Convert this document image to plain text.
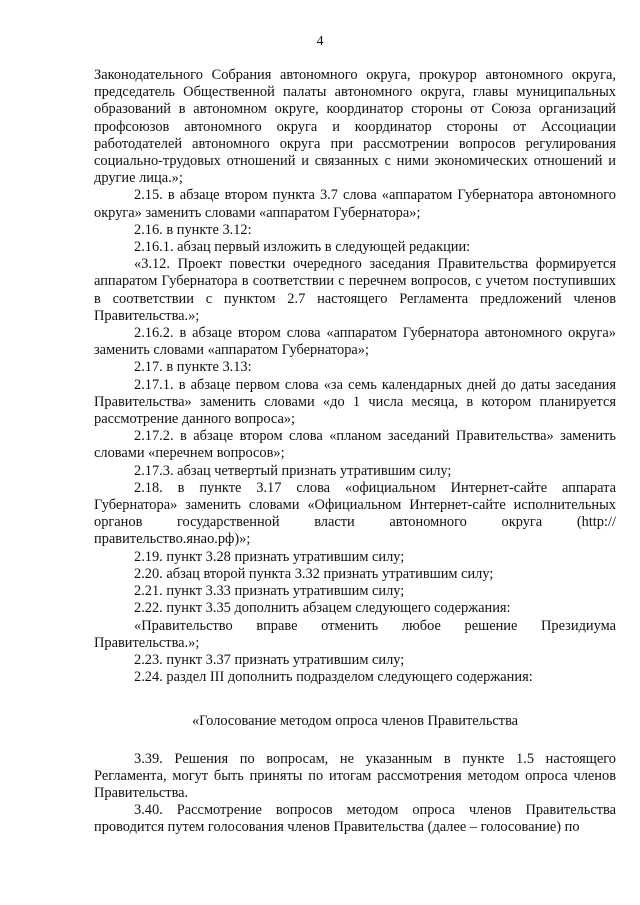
4

Законодательного Собрания автономного округа, прокурор автономного округа, председатель Общественной палаты автономного округа, главы муниципальных образований в автономном округе, координатор стороны от Союза организаций профсоюзов автономного округа и координатор стороны от Ассоциации работодателей автономного округа при рассмотрении вопросов регулирования социально-трудовых отношений и связанных с ними экономических отношений и другие лица.»;

2.15. в абзаце втором пункта 3.7 слова «аппаратом Губернатора автономного округа» заменить словами «аппаратом Губернатора»;

2.16. в пункте 3.12:

2.16.1. абзац первый изложить в следующей редакции:

«3.12. Проект повестки очередного заседания Правительства формируется аппаратом Губернатора в соответствии с перечнем вопросов, с учетом поступивших в соответствии с пунктом 2.7 настоящего Регламента предложений членов Правительства.»;

2.16.2. в абзаце втором слова «аппаратом Губернатора автономного округа» заменить словами «аппаратом Губернатора»;

2.17. в пункте 3.13:

2.17.1. в абзаце первом слова «за семь календарных дней до даты заседания Правительства» заменить словами «до 1 числа месяца, в котором планируется рассмотрение данного вопроса»;

2.17.2. в абзаце втором слова «планом заседаний Правительства» заменить словами «перечнем вопросов»;

2.17.3. абзац четвертый признать утратившим силу;

2.18. в пункте 3.17 слова «официальном Интернет-сайте аппарата Губернатора» заменить словами «Официальном Интернет-сайте исполнительных органов государственной власти автономного округа (http://правительство.янао.рф)»;

2.19. пункт 3.28 признать утратившим силу;

2.20. абзац второй пункта 3.32 признать утратившим силу;

2.21. пункт 3.33 признать утратившим силу;

2.22. пункт 3.35 дополнить абзацем следующего содержания:

«Правительство вправе отменить любое решение Президиума Правительства.»;

2.23. пункт 3.37 признать утратившим силу;

2.24. раздел III дополнить подразделом следующего содержания:

«Голосование методом опроса членов Правительства

3.39. Решения по вопросам, не указанным в пункте 1.5 настоящего Регламента, могут быть приняты по итогам рассмотрения методом опроса членов Правительства.

3.40. Рассмотрение вопросов методом опроса членов Правительства проводится путем голосования членов Правительства (далее – голосование) по
